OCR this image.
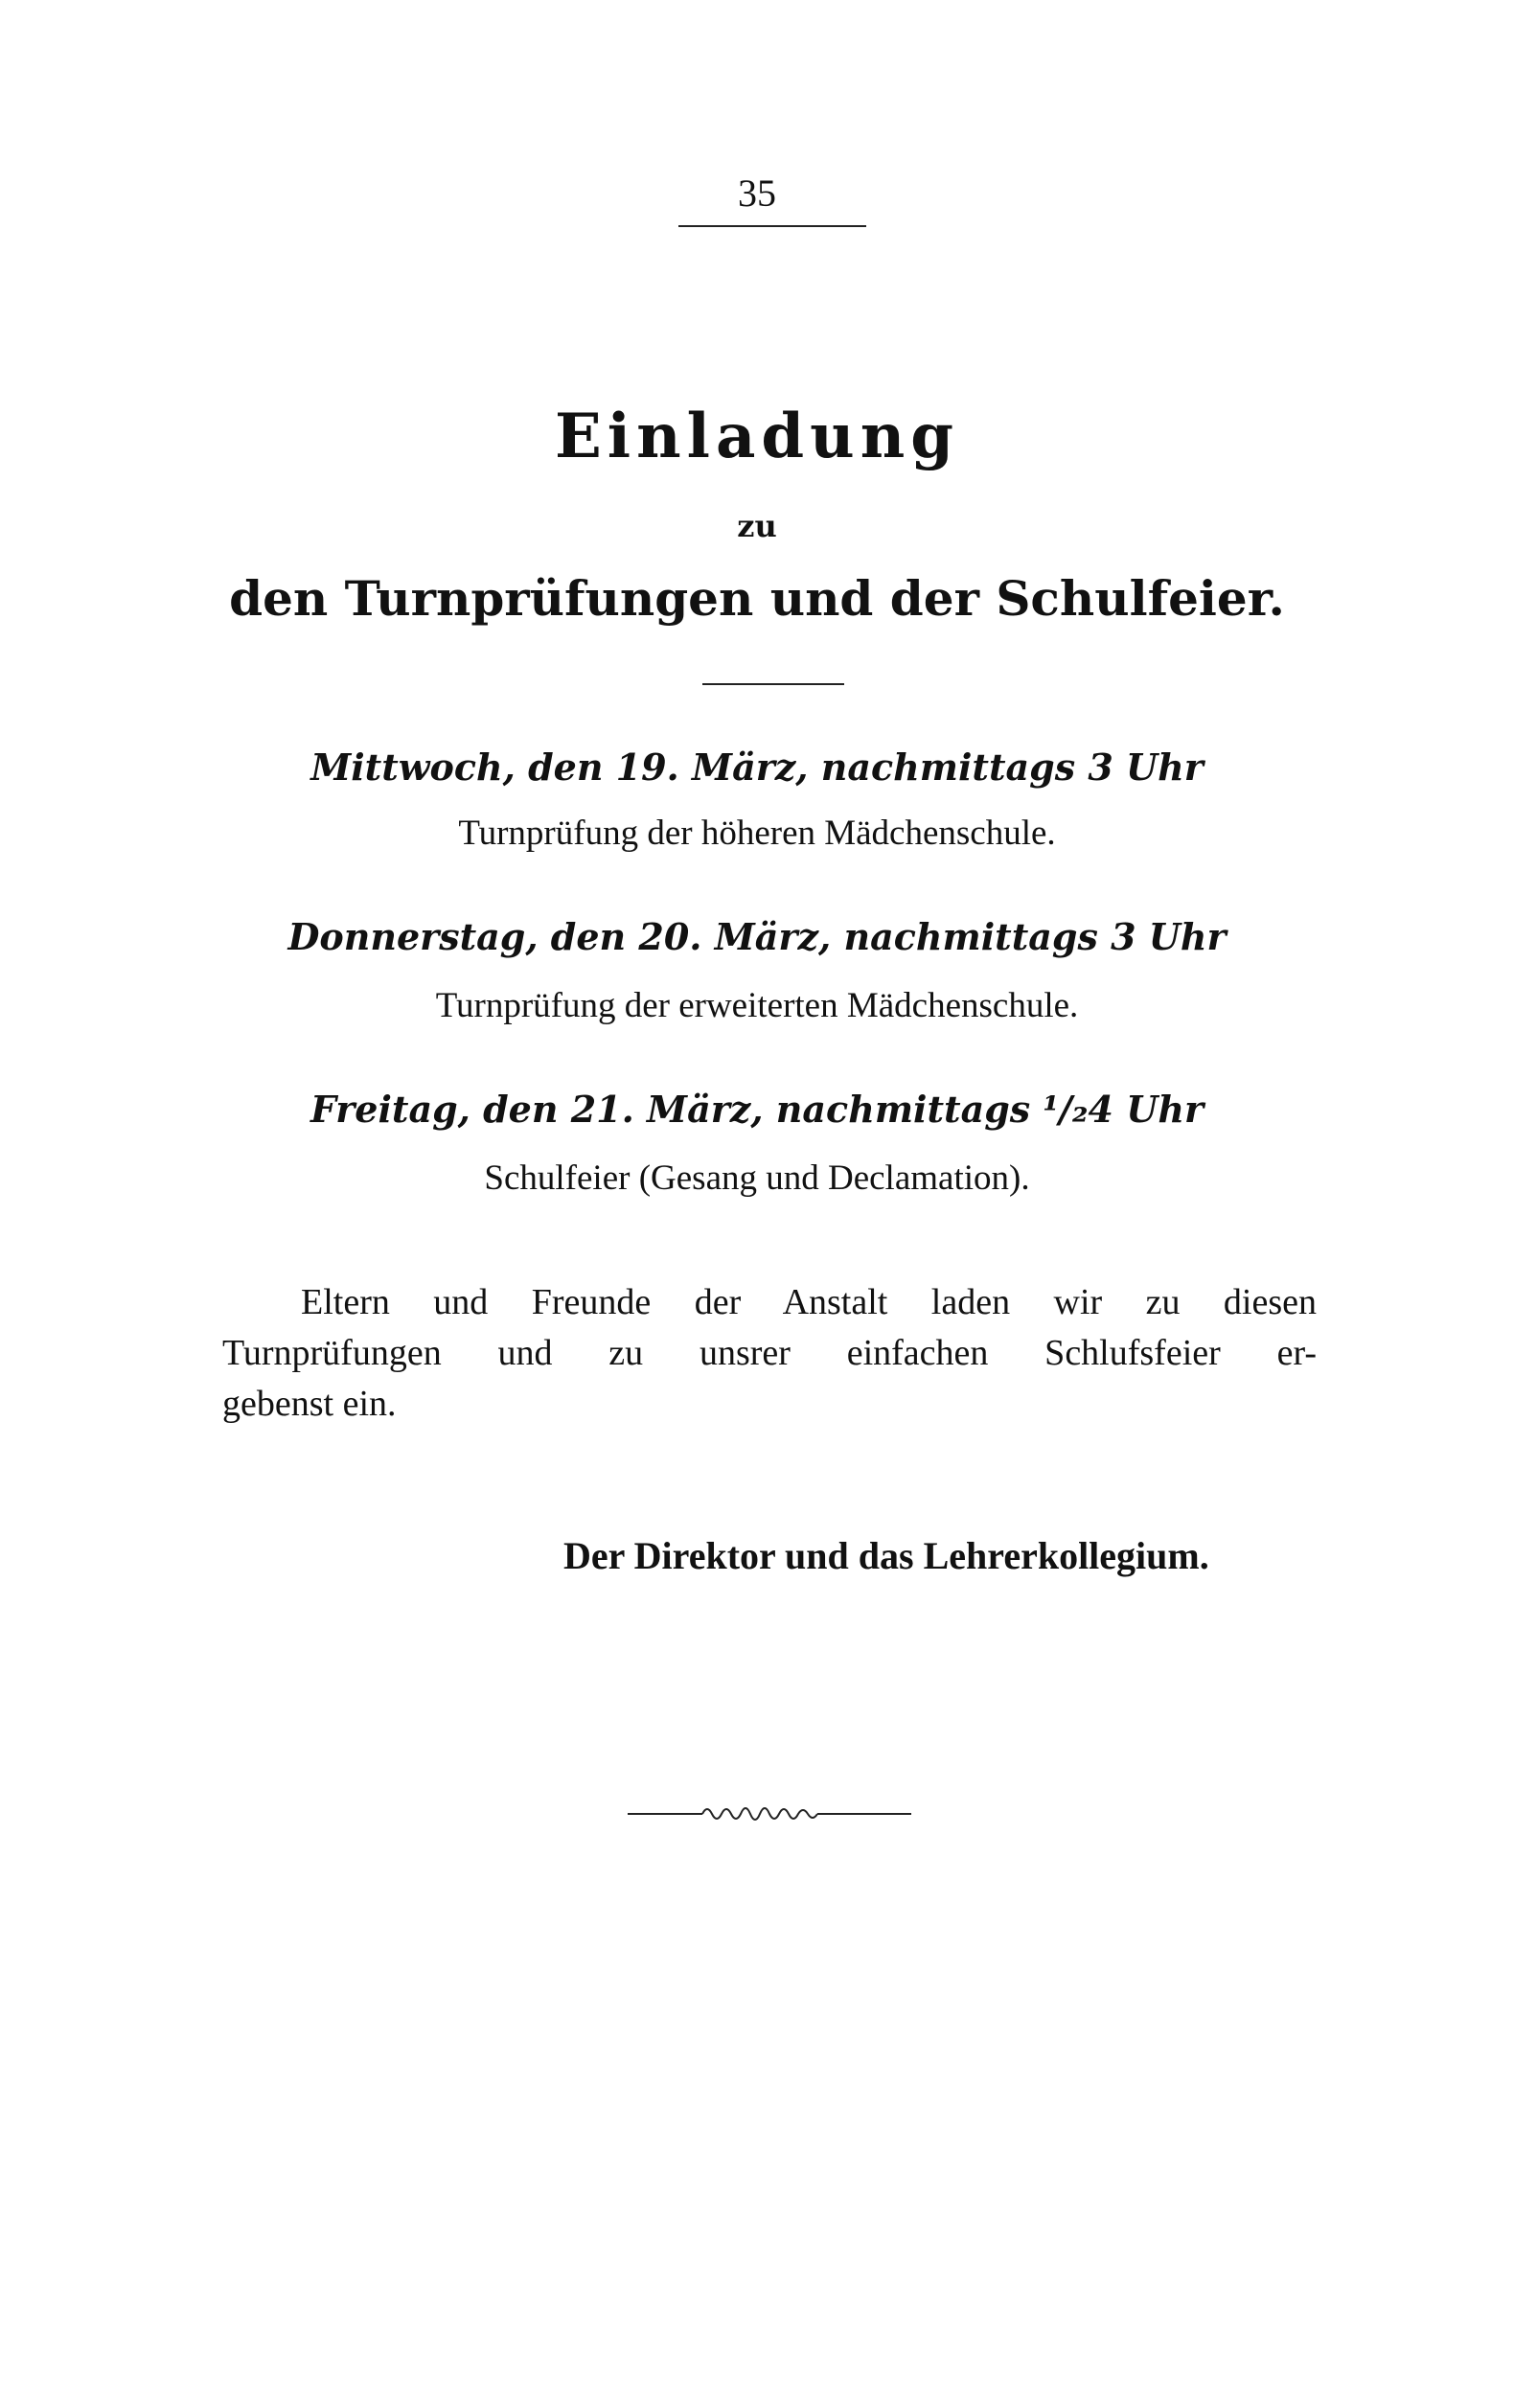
35
Einladung
zu
den Turnprüfungen und der Schulfeier.
Mittwoch, den 19. März, nachmittags 3 Uhr
Turnprüfung der höheren Mädchenschule.
Donnerstag, den 20. März, nachmittags 3 Uhr
Turnprüfung der erweiterten Mädchenschule.
Freitag, den 21. März, nachmittags ¹/₂4 Uhr
Schulfeier (Gesang und Declamation).
Eltern und Freunde der Anstalt laden wir zu diesen
Turnprüfungen und zu unsrer einfachen Schlufsfeier er-
gebenst ein.
Der Direktor und das Lehrerkollegium.
